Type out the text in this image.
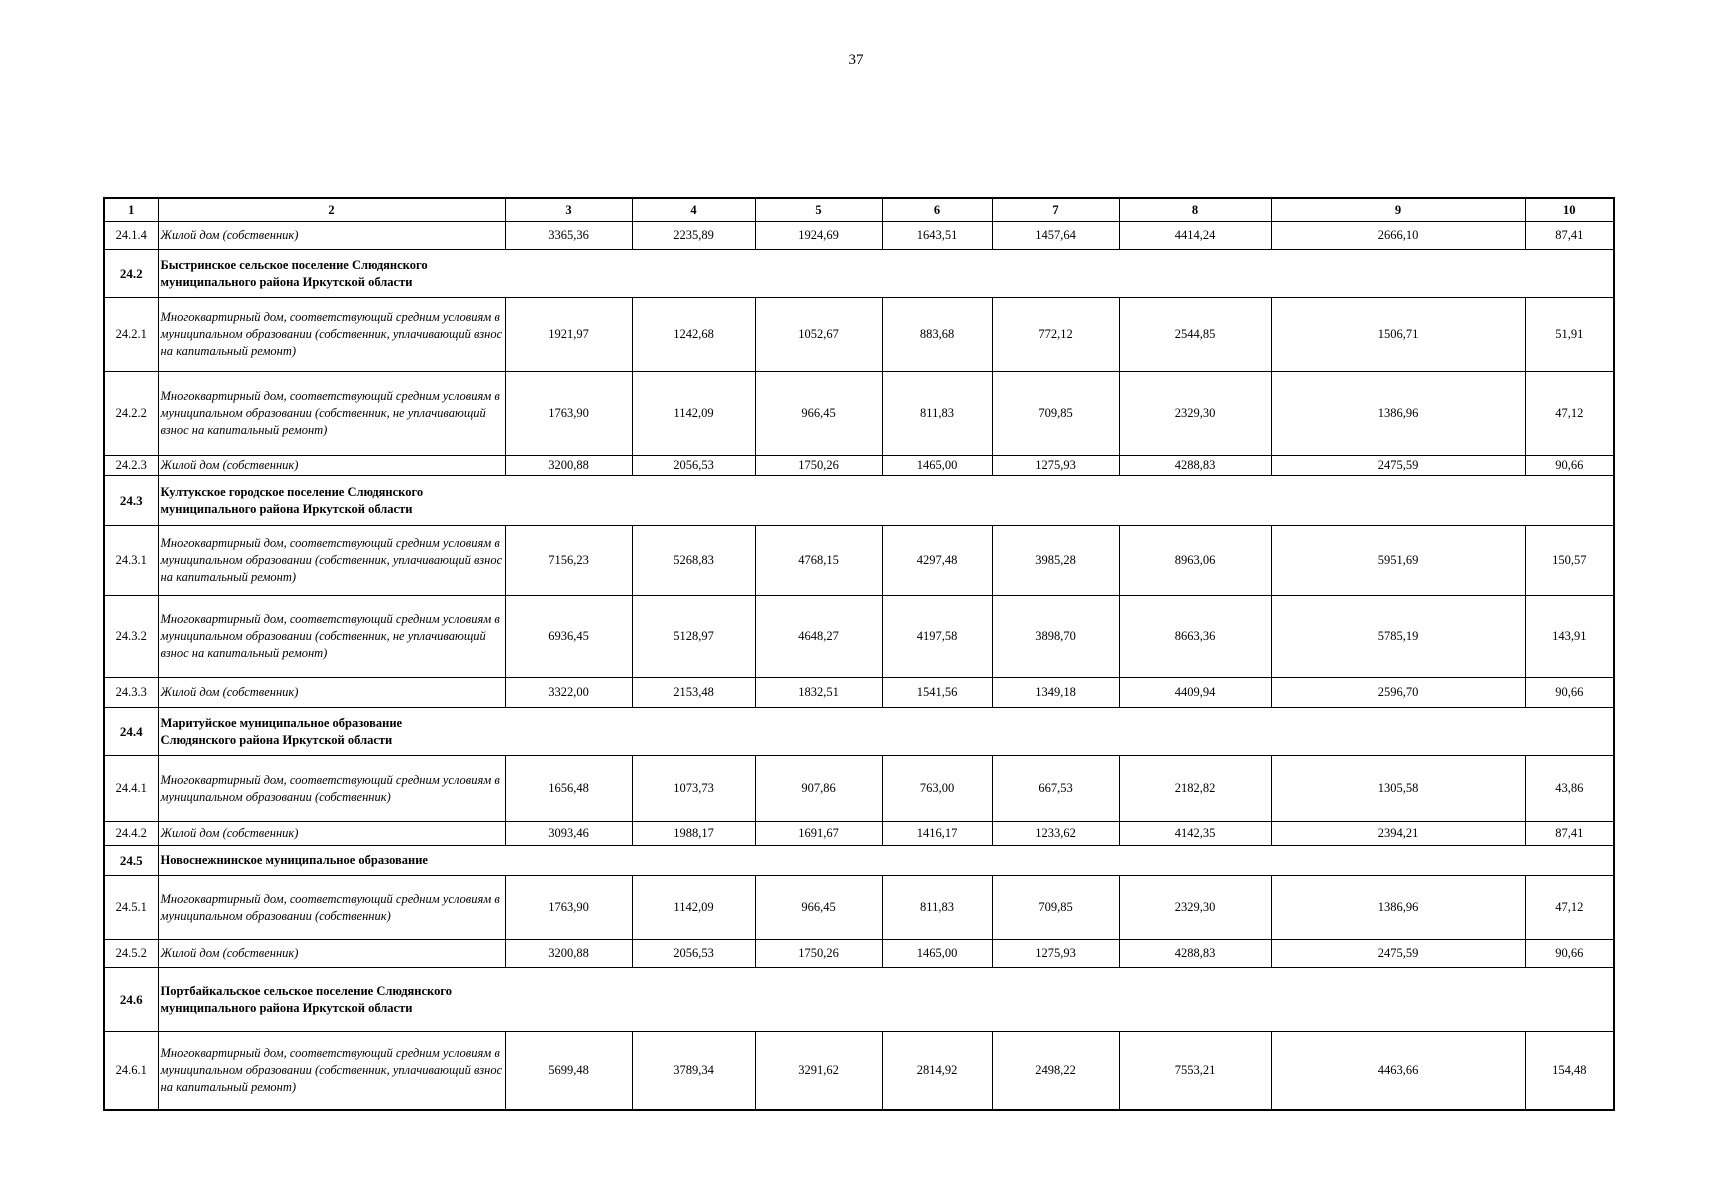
37
1	2	3	4	5	6	7	8	9	10
24.1.4	Жилой дом (собственник)	3365,36	2235,89	1924,69	1643,51	1457,64	4414,24	2666,10	87,41
24.2	Быстринское сельское поселение Слюдянского муниципального района Иркутской области								

24.2.1	Многоквартирный дом, соответствующий средним условиям в муниципальном образовании (собственник, уплачивающий взнос на капитальный ремонт)	1921,97	1242,68	1052,67	883,68	772,12	2544,85	1506,71	51,91
24.2.2	Многоквартирный дом, соответствующий средним условиям в муниципальном образовании (собственник, не уплачивающий взнос на капитальный ремонт)	1763,90	1142,09	966,45	811,83	709,85	2329,30	1386,96	47,12
24.2.3	Жилой дом (собственник)	3200,88	2056,53	1750,26	1465,00	1275,93	4288,83	2475,59	90,66
24.3	Култукское городское поселение Слюдянского муниципального района Иркутской области								

24.3.1	Многоквартирный дом, соответствующий средним условиям в муниципальном образовании (собственник, уплачивающий взнос на капитальный ремонт)	7156,23	5268,83	4768,15	4297,48	3985,28	8963,06	5951,69	150,57
24.3.2	Многоквартирный дом, соответствующий средним условиям в муниципальном образовании (собственник, не уплачивающий взнос на капитальный ремонт)	6936,45	5128,97	4648,27	4197,58	3898,70	8663,36	5785,19	143,91
24.3.3	Жилой дом (собственник)	3322,00	2153,48	1832,51	1541,56	1349,18	4409,94	2596,70	90,66
24.4	Маритуйское муниципальное образование Слюдянского района Иркутской области								

24.4.1	Многоквартирный дом, соответствующий средним условиям в муниципальном образовании (собственник)	1656,48	1073,73	907,86	763,00	667,53	2182,82	1305,58	43,86
24.4.2	Жилой дом (собственник)	3093,46	1988,17	1691,67	1416,17	1233,62	4142,35	2394,21	87,41
24.5	Новоснежнинское муниципальное образование								

24.5.1	Многоквартирный дом, соответствующий средним условиям в муниципальном образовании (собственник)	1763,90	1142,09	966,45	811,83	709,85	2329,30	1386,96	47,12
24.5.2	Жилой дом (собственник)	3200,88	2056,53	1750,26	1465,00	1275,93	4288,83	2475,59	90,66
24.6	Портбайкальское сельское поселение Слюдянского муниципального района Иркутской области								

24.6.1	Многоквартирный дом, соответствующий средним условиям в муниципальном образовании (собственник, уплачивающий взнос на капитальный ремонт)	5699,48	3789,34	3291,62	2814,92	2498,22	7553,21	4463,66	154,48
